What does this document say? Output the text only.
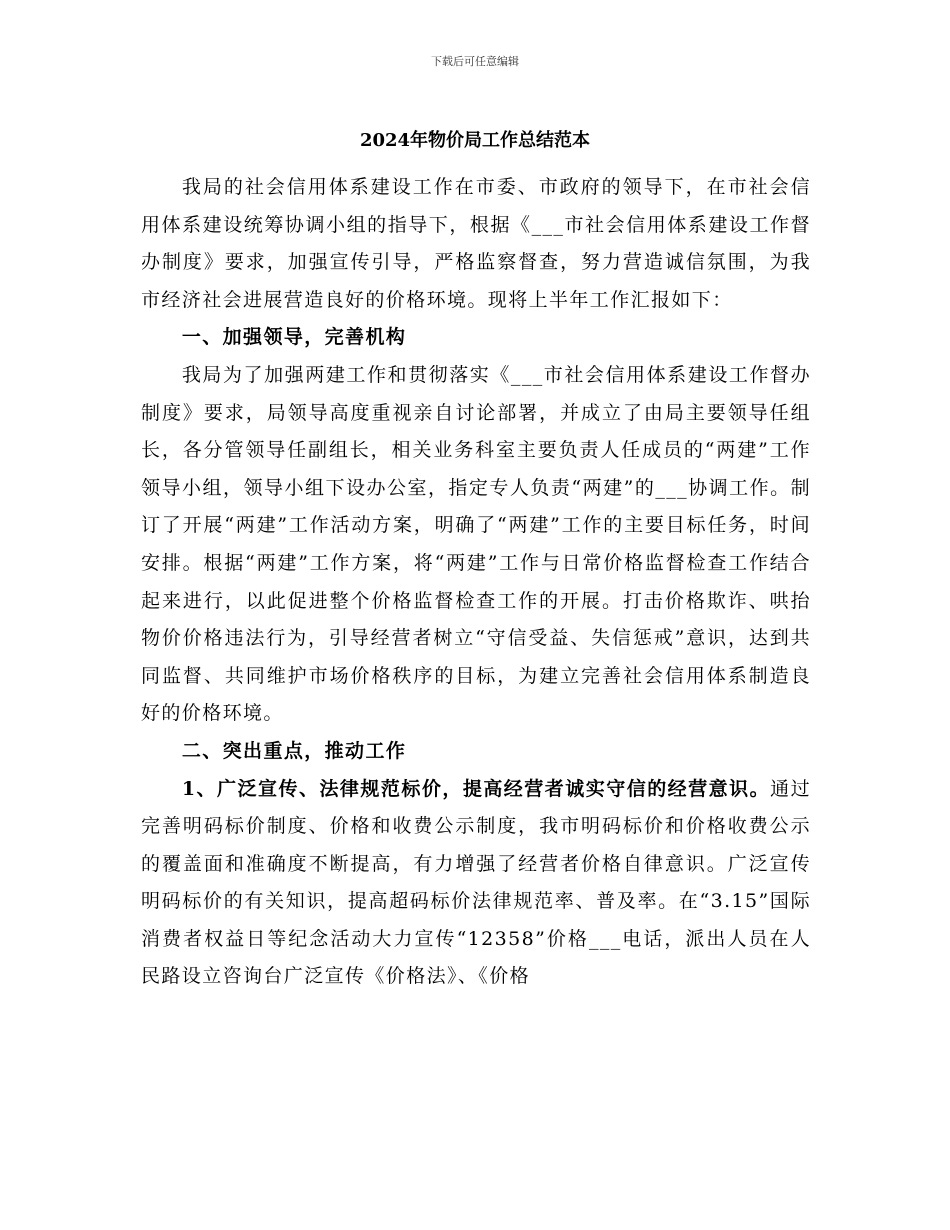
下载后可任意编辑
2024年物价局工作总结范本

我局的社会信用体系建设工作在市委、市政府的领导下，在市社会信用体系建设统筹协调小组的指导下，根据《___市社会信用体系建设工作督办制度》要求，加强宣传引导，严格监察督查，努力营造诚信氛围，为我市经济社会进展营造良好的价格环境。现将上半年工作汇报如下：

一、加强领导，完善机构

我局为了加强两建工作和贯彻落实《___市社会信用体系建设工作督办制度》要求，局领导高度重视亲自讨论部署，并成立了由局主要领导任组长，各分管领导任副组长，相关业务科室主要负责人任成员的“两建”工作领导小组，领导小组下设办公室，指定专人负责“两建”的___协调工作。制订了开展“两建”工作活动方案，明确了“两建”工作的主要目标任务，时间安排。根据“两建”工作方案，将“两建”工作与日常价格监督检查工作结合起来进行，以此促进整个价格监督检查工作的开展。打击价格欺诈、哄抬物价价格违法行为，引导经营者树立“守信受益、失信惩戒”意识，达到共同监督、共同维护市场价格秩序的目标，为建立完善社会信用体系制造良好的价格环境。

二、突出重点，推动工作

1、广泛宣传、法律规范标价，提高经营者诚实守信的经营意识。通过完善明码标价制度、价格和收费公示制度，我市明码标价和价格收费公示的覆盖面和准确度不断提高，有力增强了经营者价格自律意识。广泛宣传明码标价的有关知识，提高超码标价法律规范率、普及率。在“3.15”国际消费者权益日等纪念活动大力宣传“12358”价格___电话，派出人员在人民路设立咨询台广泛宣传《价格法》、《价格
